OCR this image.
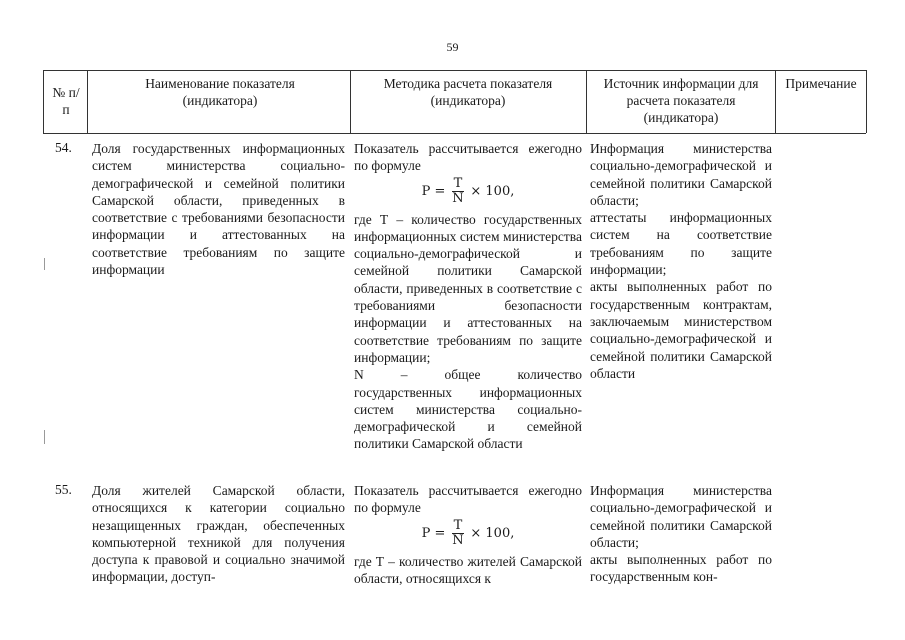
59
№ п/п
Наименование показателя (индикатора)
Методика расчета показателя (индикатора)
Источник информации для расчета показателя (индикатора)
Примечание
54. Доля государственных информационных систем министерства социально-демографической и семейной политики Самарской области, приведенных в соответствие с требованиями безопасности информации и аттестованных на соответствие требованиям по защите информации
Показатель рассчитывается ежегодно по формуле
$P = \frac{T}{N} \times 100$,
где Т – количество государственных информационных систем министерства социально-демографической и семейной политики Самарской области, приведенных в соответствие с требованиями безопасности информации и аттестованных на соответствие требованиям по защите информации;
N – общее количество государственных информационных систем министерства социально-демографической и семейной политики Самарской области
Информация министерства социально-демографической и семейной политики Самарской области;
аттестаты информационных систем на соответствие требованиям по защите информации;
акты выполненных работ по государственным контрактам, заключаемым министерством социально-демографической и семейной политики Самарской области
55. Доля жителей Самарской области, относящихся к категории социально незащищенных граждан, обеспеченных компьютерной техникой для получения доступа к правовой и социально значимой информации, доступ-
Показатель рассчитывается ежегодно по формуле
$P = \frac{T}{N} \times 100$,
где Т – количество жителей Самарской области, относящихся к
Информация министерства социально-демографической и семейной политики Самарской области;
акты выполненных работ по государственным кон-
